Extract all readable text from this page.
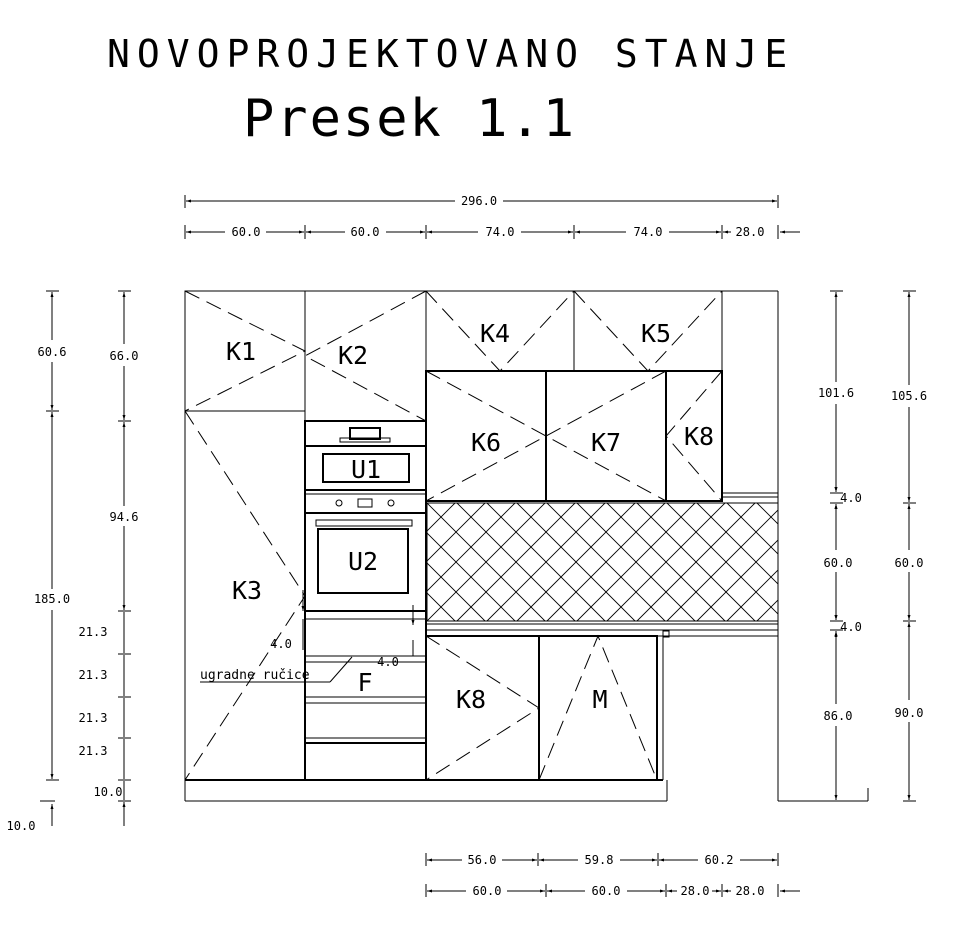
NOVOPROJEKTOVANO STANJE
Presek 1.1
296.0
60.0	60.0	74.0	74.0	28.0
ugradne ručice
K1	K2
K4	K5
K6	K7	K8
K3
U1
U2
F
K8	M
60.6
185.0
10.0
66.0
94.6
21.3
21.3
21.3
21.3
10.0
4.0
4.0
101.6
4.0
60.0
4.0
86.0
105.6
60.0
90.0
56.0	59.8	60.2
60.0	60.0	28.0 28.0
